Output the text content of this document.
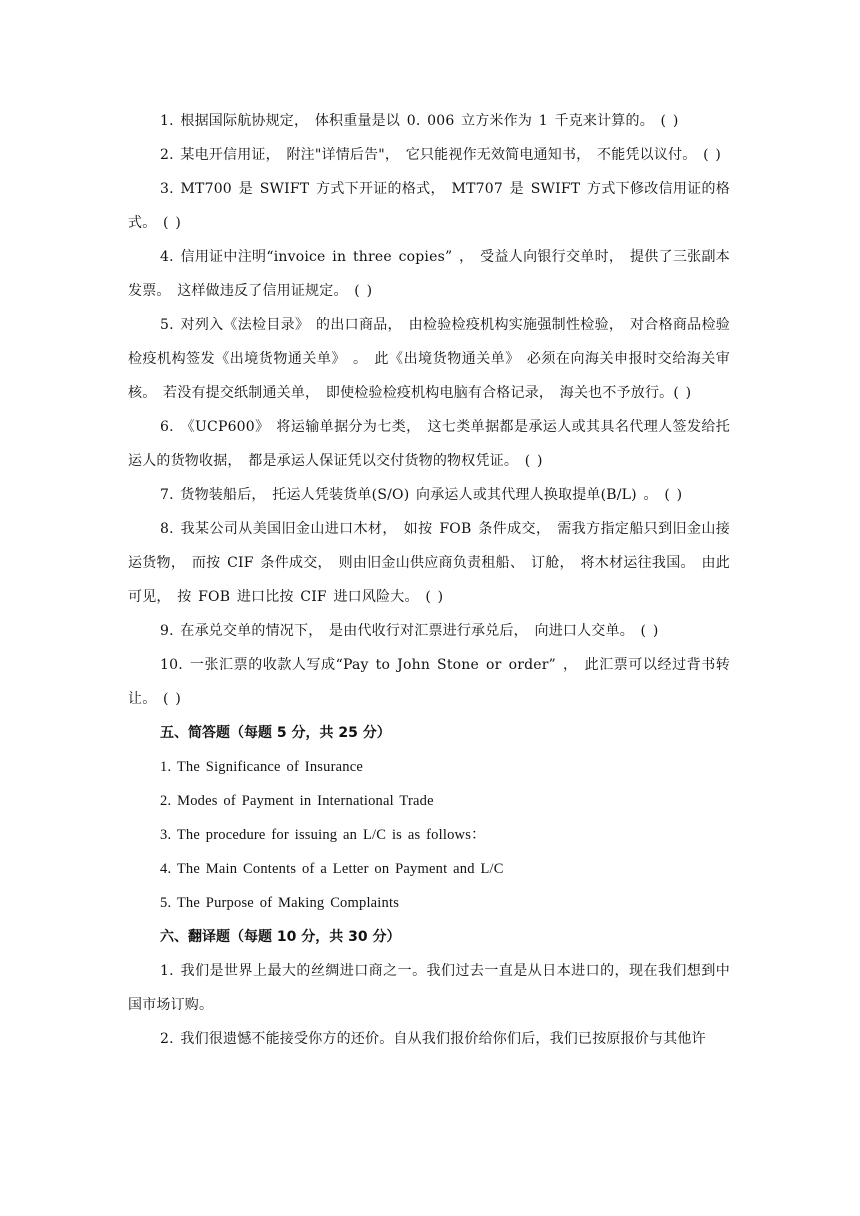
1. 根据国际航协规定， 体积重量是以 0. 006 立方米作为 1 千克来计算的。 ( )

2. 某电开信用证， 附注"详情后告"， 它只能视作无效简电通知书， 不能凭以议付。 ( )

3. MT700 是 SWIFT 方式下开证的格式， MT707 是 SWIFT 方式下修改信用证的格式。 ( )

4. 信用证中注明“invoice in three copies” ， 受益人向银行交单时， 提供了三张副本发票。 这样做违反了信用证规定。 ( )

5. 对列入《法检目录》 的出口商品， 由检验检疫机构实施强制性检验， 对合格商品检验检疫机构签发《出境货物通关单》 。 此《出境货物通关单》 必须在向海关申报时交给海关审核。 若没有提交纸制通关单， 即使检验检疫机构电脑有合格记录， 海关也不予放行。( )

6. 《UCP600》 将运输单据分为七类， 这七类单据都是承运人或其具名代理人签发给托运人的货物收据， 都是承运人保证凭以交付货物的物权凭证。 ( )

7. 货物装船后， 托运人凭装货单(S/O) 向承运人或其代理人换取提单(B/L) 。 ( )

8. 我某公司从美国旧金山进口木材， 如按 FOB 条件成交， 需我方指定船只到旧金山接运货物， 而按 CIF 条件成交， 则由旧金山供应商负责租船、 订舱， 将木材运往我国。 由此可见， 按 FOB 进口比按 CIF 进口风险大。 ( )

9. 在承兑交单的情况下， 是由代收行对汇票进行承兑后， 向进口人交单。 ( )

10. 一张汇票的收款人写成“Pay to John Stone or order” ， 此汇票可以经过背书转让。 ( )

五、简答题（每题 5 分，共 25 分）

1. The Significance of Insurance

2. Modes of Payment in International Trade

3. The procedure for issuing an L/C is as follows：

4. The Main Contents of a Letter on Payment and L/C

5. The Purpose of Making Complaints

六、翻译题（每题 10 分，共 30 分）

1. 我们是世界上最大的丝绸进口商之一。我们过去一直是从日本进口的，现在我们想到中国市场订购。

2. 我们很遗憾不能接受你方的还价。自从我们报价给你们后，我们已按原报价与其他许
